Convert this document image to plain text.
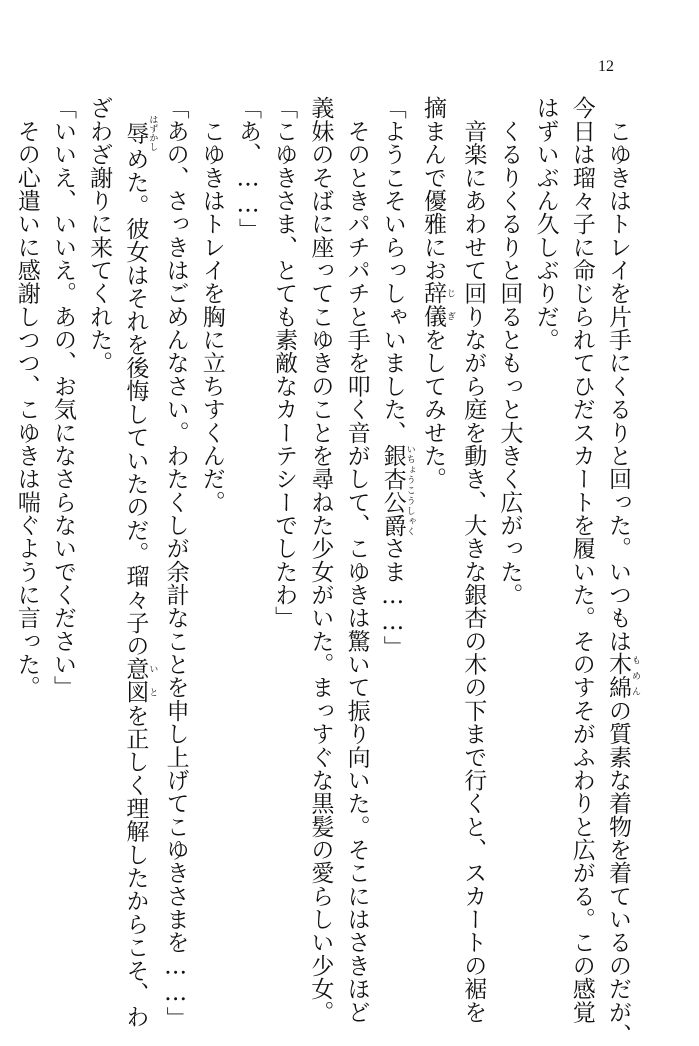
12
　こゆきはトレイを片手にくるりと回った。いつもは木綿 もめんの質素な着物を着ているのだが、
今日は瑠々子に命じられてひだスカートを履いた。そのすそがふわりと広がる。この感覚
はずいぶん久しぶりだ。
　くるりくるりと回るともっと大きく広がった。
　音楽にあわせて回りながら庭を動き、大きな銀杏の木の下まで行くと、スカートの裾を
摘まんで優雅にお辞儀 じぎをしてみせた。
「ようこそいらっしゃいました、銀杏公爵 いちょうこうしゃくさま……」
　そのときパチパチと手を叩く音がして、こゆきは驚いて振り向いた。そこにはさきほど
義妹のそばに座ってこゆきのことを尋ねた少女がいた。まっすぐな黒髪の愛らしい少女。
「こゆきさま、とても素敵なカーテシーでしたわ」
「あ、……」
　こゆきはトレイを胸に立ちすくんだ。
「あの、さっきはごめんなさい。わたくしが余計なことを申し上げてこゆきさまを……」
　辱 はずかしめた。彼女はそれを後悔していたのだ。瑠々子の意 い図 とを正しく理解したからこそ、わ
ざわざ謝りに来てくれた。
「いいえ、いいえ。あの、お気になさらないでください」
　その心遣いに感謝しつつ、こゆきは喘ぐように言った。
